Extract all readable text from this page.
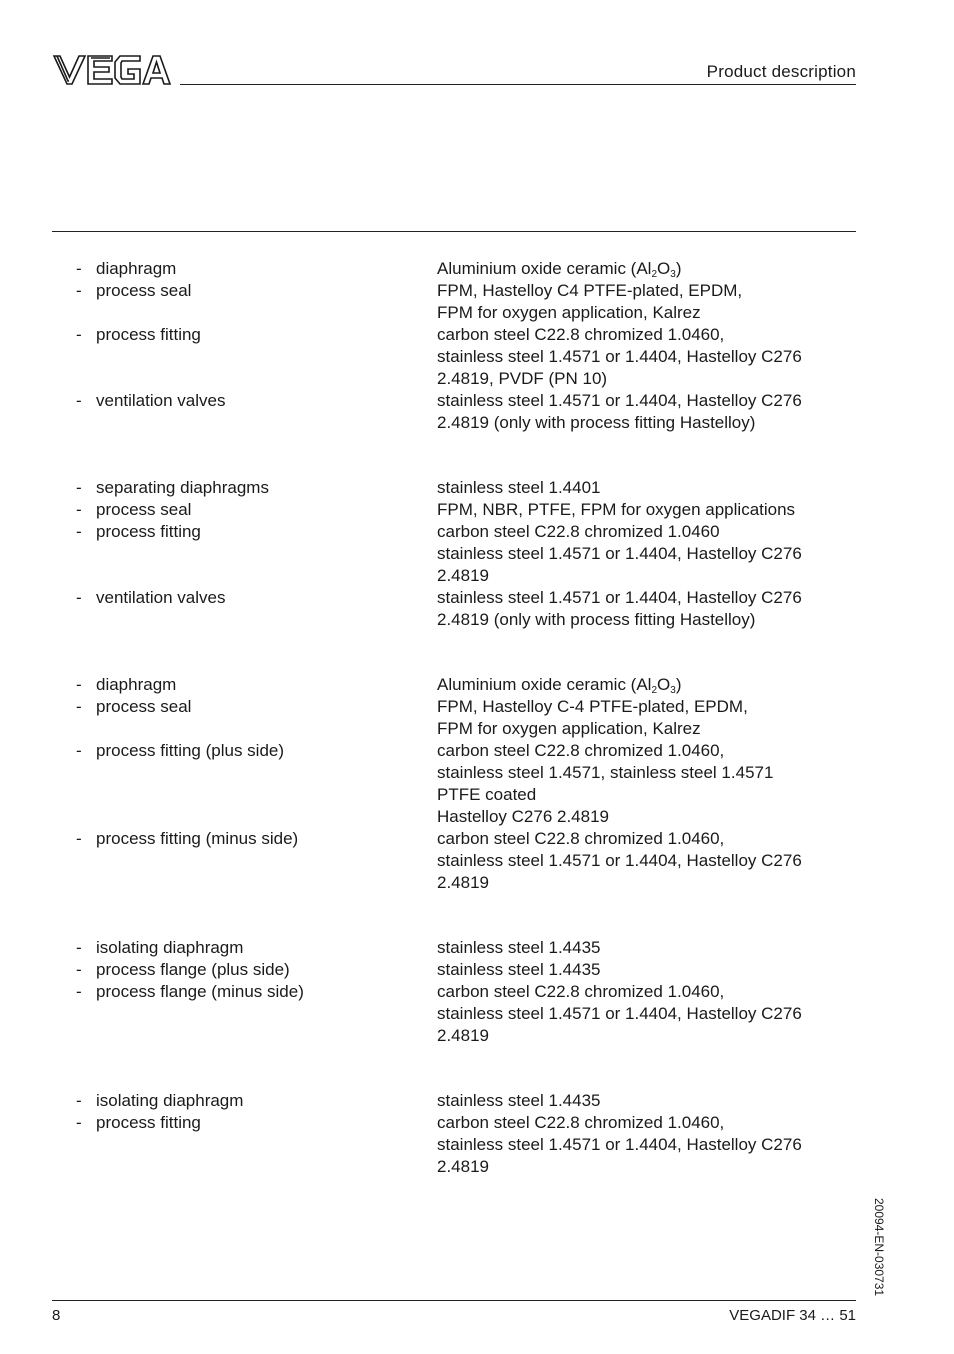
Product description
- diaphragm	Aluminium oxide ceramic $(Al_2O_3)$
- process seal	FPM, Hastelloy C4 PTFE-plated, EPDM,
FPM for oxygen application, Kalrez
- process fitting	carbon steel C22.8 chromized 1.0460,
stainless steel 1.4571 or 1.4404, Hastelloy C276
2.4819, PVDF (PN 10)
- ventilation valves	stainless steel 1.4571 or 1.4404, Hastelloy C276
2.4819 (only with process fitting Hastelloy)
- separating diaphragms	stainless steel 1.4401
- process seal	FPM, NBR, PTFE, FPM for oxygen applications
- process fitting	carbon steel C22.8 chromized 1.0460
stainless steel 1.4571 or 1.4404, Hastelloy C276
2.4819
- ventilation valves	stainless steel 1.4571 or 1.4404, Hastelloy C276
2.4819 (only with process fitting Hastelloy)
- diaphragm	Aluminium oxide ceramic $(Al_2O_3)$
- process seal	FPM, Hastelloy C-4 PTFE-plated, EPDM,
FPM for oxygen application, Kalrez
- process fitting (plus side)	carbon steel C22.8 chromized 1.0460,
stainless steel 1.4571, stainless steel 1.4571
PTFE coated
Hastelloy C276 2.4819
- process fitting (minus side)	carbon steel C22.8 chromized 1.0460,
stainless steel 1.4571 or 1.4404, Hastelloy C276
2.4819
- isolating diaphragm	stainless steel 1.4435
- process flange (plus side)	stainless steel 1.4435
- process flange (minus side)	carbon steel C22.8 chromized 1.0460,
stainless steel 1.4571 or 1.4404, Hastelloy C276
2.4819
- isolating diaphragm	stainless steel 1.4435
- process fitting	carbon steel C22.8 chromized 1.0460,
stainless steel 1.4571 or 1.4404, Hastelloy C276
2.4819
8	VEGADIF 34 … 51
20094-EN-030731
